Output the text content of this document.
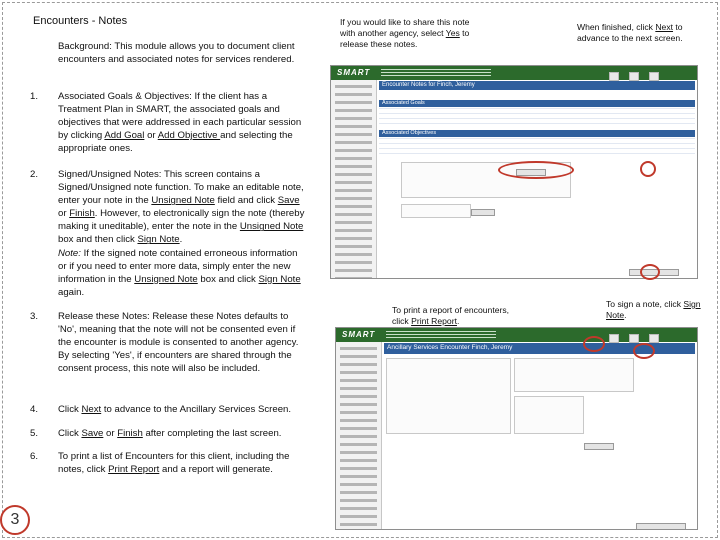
Encounters - Notes
Background: This module allows you to document client encounters and associated notes for services rendered.
1.	Associated Goals & Objectives: If the client has a Treatment Plan in SMART, the associated goals and objectives that were addressed in each particular session by clicking Add Goal or Add Objective and selecting the appropriate ones.
2.	Signed/Unsigned Notes: This screen contains a Signed/Unsigned note function. To make an editable note, enter your note in the Unsigned Note field and click Save or Finish. However, to electronically sign the note (thereby making it uneditable), enter the note in the Unsigned Note box and then click Sign Note.
Note: If the signed note contained erroneous information or if you need to enter more data, simply enter the new information in the Unsigned Note box and click Sign Note again.
3.	Release these Notes: Release these Notes defaults to 'No', meaning that the note will not be consented even if the encounter is module is consented to another agency. By selecting 'Yes', if encounters are shared through the consent process, this note will also be included.
4.	Click Next to advance to the Ancillary Services Screen.
5.	Click Save or Finish after completing the last screen.
6.	To print a list of Encounters for this client, including the notes, click Print Report and a report will generate.
3
If you would like to share this note with another agency, select Yes to release these notes.
When finished, click Next to advance to the next screen.
To print a report of encounters, click Print Report.
To sign a note, click Sign Note.
SMART
Encounter Notes for Finch, Jeremy
Associated Goals
Associated Objectives
SMART
Ancillary Services Encounter Finch, Jeremy
